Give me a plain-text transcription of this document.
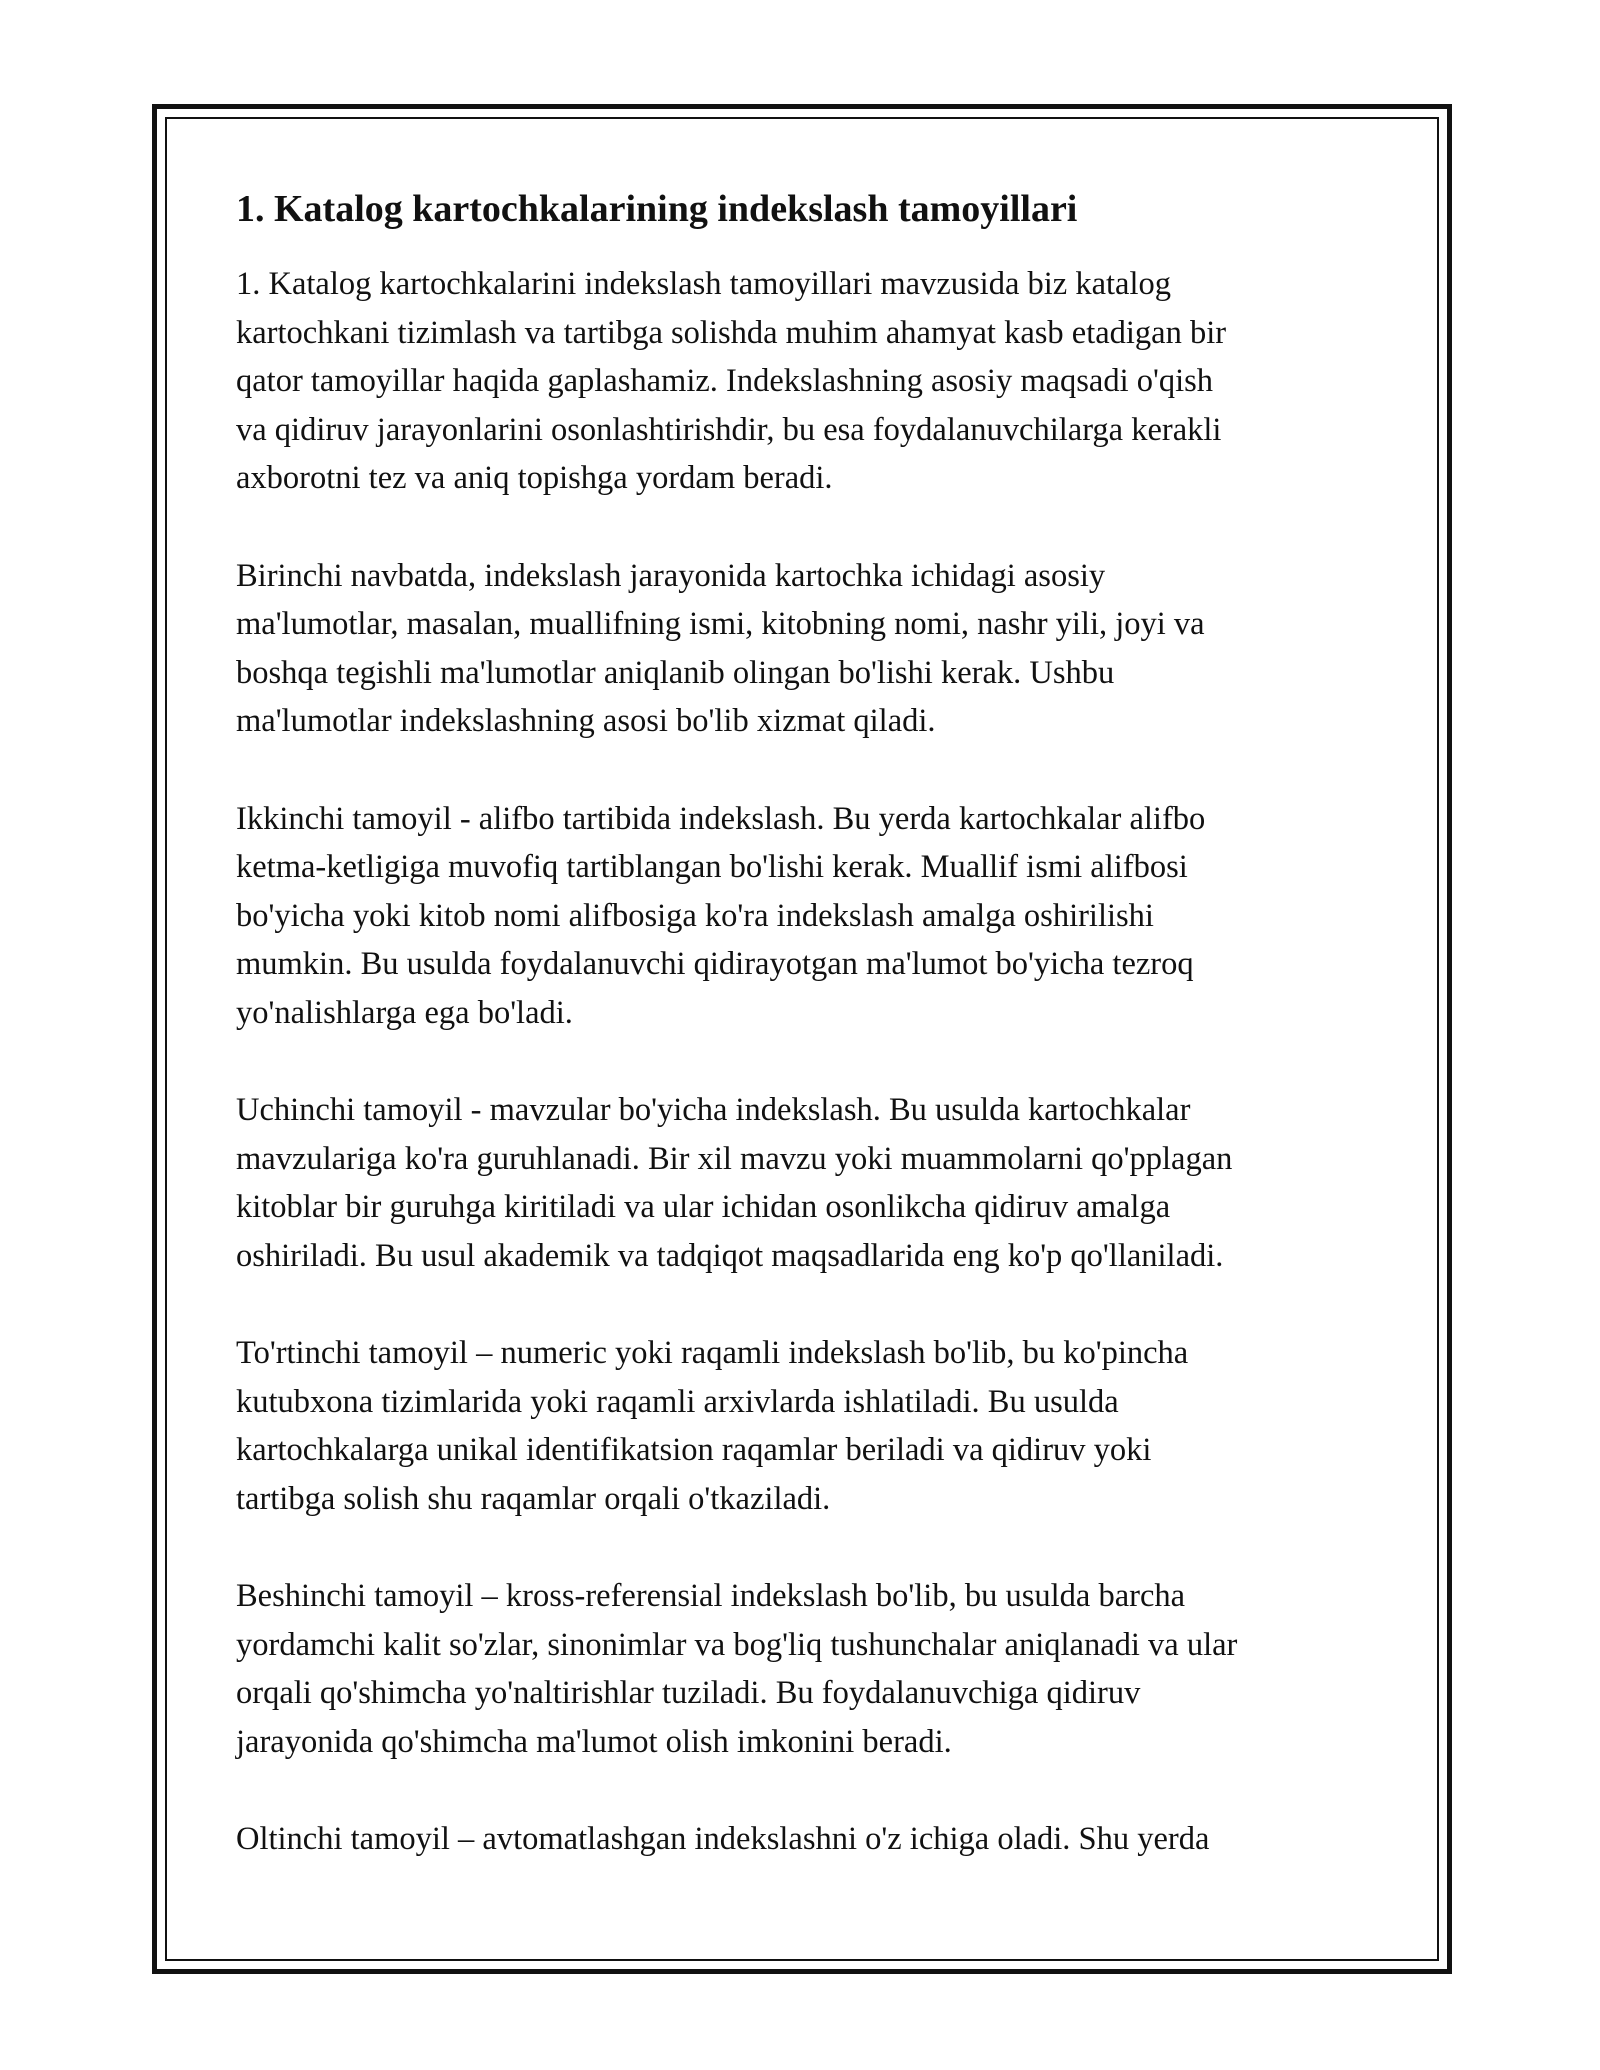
1. Katalog kartochkalarining indekslash tamoyillari

1. Katalog kartochkalarini indekslash tamoyillari mavzusida biz katalog
kartochkani tizimlash va tartibga solishda muhim ahamyat kasb etadigan bir
qator tamoyillar haqida gaplashamiz. Indekslashning asosiy maqsadi o'qish
va qidiruv jarayonlarini osonlashtirishdir, bu esa foydalanuvchilarga kerakli
axborotni tez va aniq topishga yordam beradi.

Birinchi navbatda, indekslash jarayonida kartochka ichidagi asosiy
ma'lumotlar, masalan, muallifning ismi, kitobning nomi, nashr yili, joyi va
boshqa tegishli ma'lumotlar aniqlanib olingan bo'lishi kerak. Ushbu
ma'lumotlar indekslashning asosi bo'lib xizmat qiladi.

Ikkinchi tamoyil - alifbo tartibida indekslash. Bu yerda kartochkalar alifbo
ketma-ketligiga muvofiq tartiblangan bo'lishi kerak. Muallif ismi alifbosi
bo'yicha yoki kitob nomi alifbosiga ko'ra indekslash amalga oshirilishi
mumkin. Bu usulda foydalanuvchi qidirayotgan ma'lumot bo'yicha tezroq
yo'nalishlarga ega bo'ladi.

Uchinchi tamoyil - mavzular bo'yicha indekslash. Bu usulda kartochkalar
mavzulariga ko'ra guruhlanadi. Bir xil mavzu yoki muammolarni qo'pplagan
kitoblar bir guruhga kiritiladi va ular ichidan osonlikcha qidiruv amalga
oshiriladi. Bu usul akademik va tadqiqot maqsadlarida eng ko'p qo'llaniladi.

To'rtinchi tamoyil – numeric yoki raqamli indekslash bo'lib, bu ko'pincha
kutubxona tizimlarida yoki raqamli arxivlarda ishlatiladi. Bu usulda
kartochkalarga unikal identifikatsion raqamlar beriladi va qidiruv yoki
tartibga solish shu raqamlar orqali o'tkaziladi.

Beshinchi tamoyil – kross-referensial indekslash bo'lib, bu usulda barcha
yordamchi kalit so'zlar, sinonimlar va bog'liq tushunchalar aniqlanadi va ular
orqali qo'shimcha yo'naltirishlar tuziladi. Bu foydalanuvchiga qidiruv
jarayonida qo'shimcha ma'lumot olish imkonini beradi.

Oltinchi tamoyil – avtomatlashgan indekslashni o'z ichiga oladi. Shu yerda
